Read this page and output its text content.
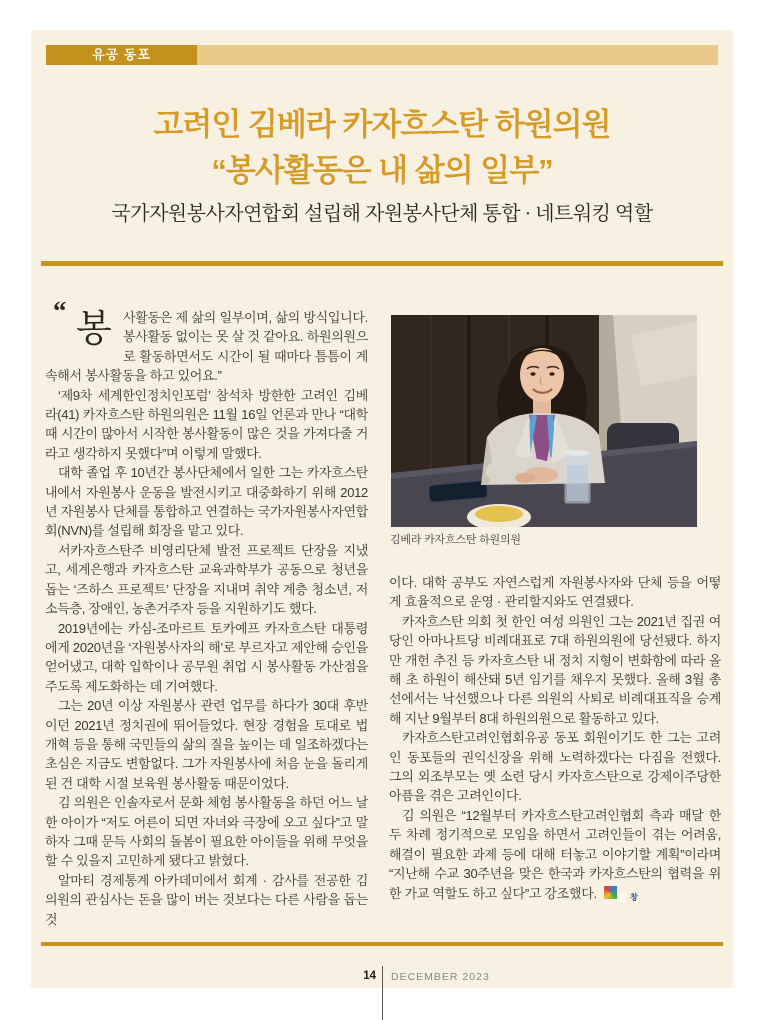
유공 동포
고려인 김베라 카자흐스탄 하원의원
“봉사활동은 내 삶의 일부”
국가자원봉사자연합회 설립해 자원봉사단체 통합 · 네트워킹 역할

“ 봉 사활동은 제 삶의 일부이며, 삶의 방식입니다. 봉사활동 없이는 못 살 것 같아요. 하원의원으로 활동하면서도 시간이 될 때마다 틈틈이 계속해서 봉사활동을 하고 있어요.”

‘제9차 세계한인정치인포럼’ 참석차 방한한 고려인 김베라(41) 카자흐스탄 하원의원은 11월 16일 언론과 만나 “대학 때 시간이 많아서 시작한 봉사활동이 많은 것을 가져다줄 거라고 생각하지 못했다”며 이렇게 말했다.

대학 졸업 후 10년간 봉사단체에서 일한 그는 카자흐스탄 내에서 자원봉사 운동을 발전시키고 대중화하기 위해 2012년 자원봉사 단체를 통합하고 연결하는 국가자원봉사자연합회(NVN)를 설립해 회장을 맡고 있다.

서카자흐스탄주 비영리단체 발전 프로젝트 단장을 지냈고, 세계은행과 카자흐스탄 교육과학부가 공동으로 청년을 돕는 ‘즈하스 프로젝트’ 단장을 지내며 취약 계층 청소년, 저소득층, 장애인, 농촌거주자 등을 지원하기도 했다.

2019년에는 카심-조마르트 토카예프 카자흐스탄 대통령에게 2020년을 ‘자원봉사자의 해’로 부르자고 제안해 승인을 얻어냈고, 대학 입학이나 공무원 취업 시 봉사활동 가산점을 주도록 제도화하는 데 기여했다.

그는 20년 이상 자원봉사 관련 업무를 하다가 30대 후반이던 2021년 정치권에 뛰어들었다. 현장 경험을 토대로 법 개혁 등을 통해 국민들의 삶의 질을 높이는 데 일조하겠다는 초심은 지금도 변함없다. 그가 자원봉사에 처음 눈을 돌리게 된 건 대학 시절 보육원 봉사활동 때문이었다.

김 의원은 인솔자로서 문화 체험 봉사활동을 하던 어느 날 한 아이가 “저도 어른이 되면 자녀와 극장에 오고 싶다”고 말하자 그때 문득 사회의 돌봄이 필요한 아이들을 위해 무엇을 할 수 있을지 고민하게 됐다고 밝혔다.

알마티 경제통계 아카데미에서 회계 · 감사를 전공한 김 의원의 관심사는 돈을 많이 버는 것보다는 다른 사람을 돕는 것

김베라 카자흐스탄 하원의원

이다. 대학 공부도 자연스럽게 자원봉사자와 단체 등을 어떻게 효율적으로 운영 · 관리할지와도 연결됐다.

카자흐스탄 의회 첫 한인 여성 의원인 그는 2021년 집권 여당인 아마나트당 비례대표로 7대 하원의원에 당선됐다. 하지만 개헌 추진 등 카자흐스탄 내 정치 지형이 변화함에 따라 올해 초 하원이 해산돼 5년 임기를 채우지 못했다. 올해 3월 총선에서는 낙선했으나 다른 의원의 사퇴로 비례대표직을 승계해 지난 9월부터 8대 하원의원으로 활동하고 있다.

카자흐스탄고려인협회유공 동포 회원이기도 한 그는 고려인 동포들의 권익신장을 위해 노력하겠다는 다짐을 전했다. 그의 외조부모는 옛 소련 당시 카자흐스탄으로 강제이주당한 아픔을 겪은 고려인이다.

김 의원은 “12월부터 카자흐스탄고려인협회 측과 매달 한두 차례 정기적으로 모임을 하면서 고려인들이 겪는 어려움, 해결이 필요한 과제 등에 대해 터놓고 이야기할 계획”이라며 “지난해 수교 30주년을 맞은 한국과 카자흐스탄의 협력을 위한 가교 역할도 하고 싶다”고 강조했다.	창

14 DECEMBER 2023
